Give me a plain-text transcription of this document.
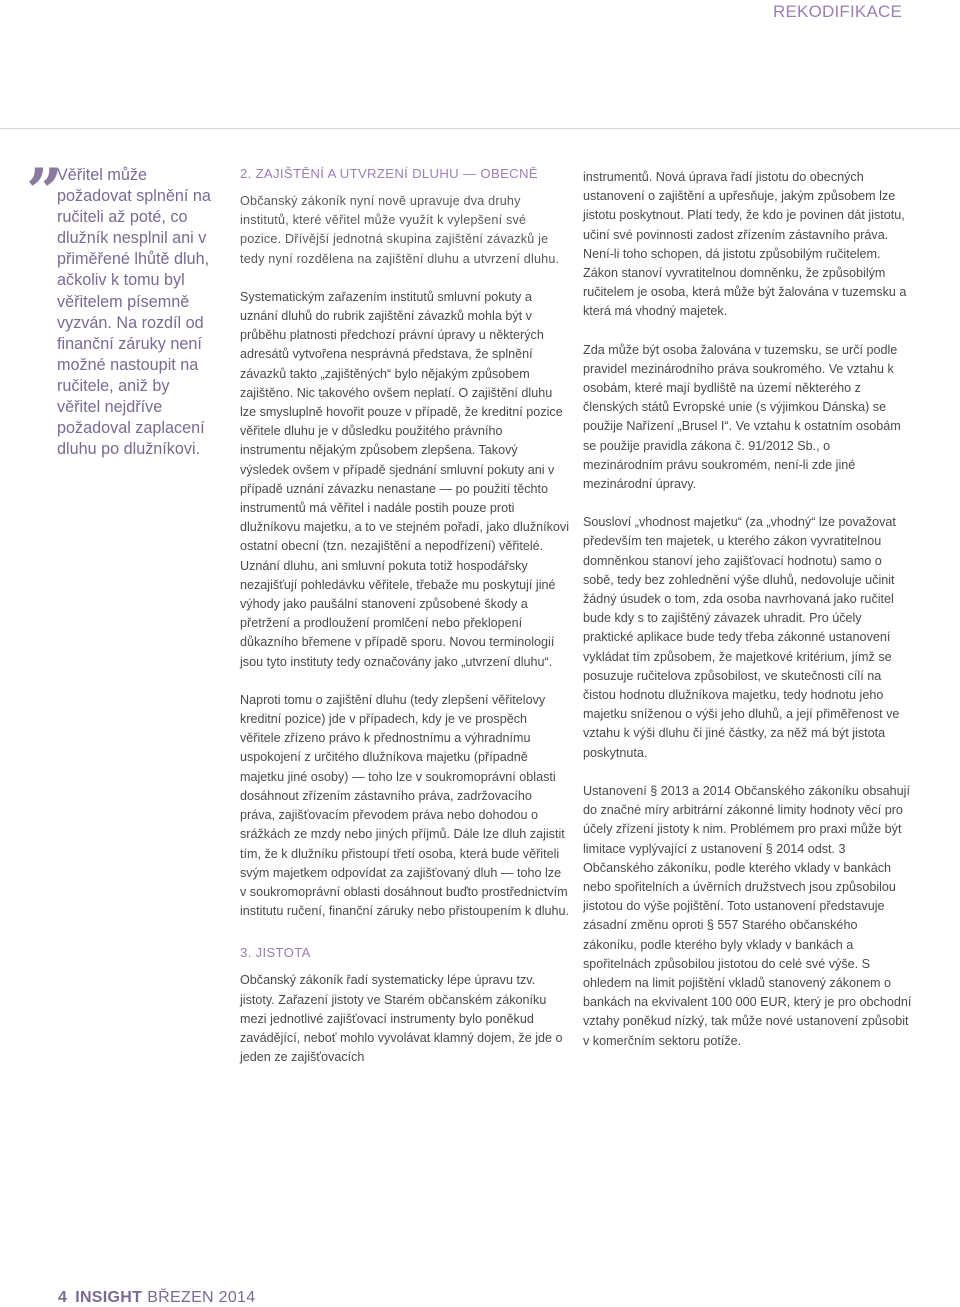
REKODIFIKACE
” Věřitel může požadovat splnění na ručiteli až poté, co dlužník nesplnil ani v přiměřené lhůtě dluh, ačkoliv k tomu byl věřitelem písemně vyzván. Na rozdíl od finanční záruky není možné nastoupit na ručitele, aniž by věřitel nejdříve požadoval zaplacení dluhu po dlužníkovi.

2. ZAJIŠTĚNÍ A UTVRZENÍ DLUHU — OBECNĚ

Občanský zákoník nyní nově upravuje dva druhy institutů, které věřitel může využít k vylepšení své pozice. Dřívější jednotná skupina zajištění závazků je tedy nyní rozdělena na zajištění dluhu a utvrzení dluhu.

Systematickým zařazením institutů smluvní pokuty a uznání dluhů do rubrik zajištění závazků mohla být v průběhu platnosti předchozí právní úpravy u některých adresátů vytvořena nesprávná představa, že splnění závazků takto „zajištěných“ bylo nějakým způsobem zajištěno. Nic takového ovšem neplatí. O zajištění dluhu lze smysluplně hovořit pouze v případě, že kreditní pozice věřitele dluhu je v důsledku použitého právního instrumentu nějakým způsobem zlepšena. Takový výsledek ovšem v případě sjednání smluvní pokuty ani v případě uznání závazku nenastane — po použití těchto instrumentů má věřitel i nadále postih pouze proti dlužníkovu majetku, a to ve stejném pořadí, jako dlužníkovi ostatní obecní (tzn. nezajištění a nepodřízení) věřitelé. Uznání dluhu, ani smluvní pokuta totiž hospodářsky nezajišťují pohledávku věřitele, třebaže mu poskytují jiné výhody jako paušální stanovení způsobené škody a přetržení a prodloužení promlčení nebo překlopení důkazního břemene v případě sporu. Novou terminologií jsou tyto instituty tedy označovány jako „utvrzení dluhu“.

Naproti tomu o zajištění dluhu (tedy zlepšení věřitelovy kreditní pozice) jde v případech, kdy je ve prospěch věřitele zřízeno právo k přednostnímu a výhradnímu uspokojení z určitého dlužníkova majetku (případně majetku jiné osoby) — toho lze v soukromoprávní oblasti dosáhnout zřízením zástavního práva, zadržovacího práva, zajišťovacím převodem práva nebo dohodou o srážkách ze mzdy nebo jiných příjmů. Dále lze dluh zajistit tím, že k dlužníku přistoupí třetí osoba, která bude věřiteli svým majetkem odpovídat za zajišťovaný dluh — toho lze v soukromoprávní oblasti dosáhnout buďto prostřednictvím institutu ručení, finanční záruky nebo přistoupením k dluhu.

3. JISTOTA

Občanský zákoník řadí systematicky lépe úpravu tzv. jistoty. Zařazení jistoty ve Starém občanském zákoníku mezi jednotlivé zajišťovací instrumenty bylo poněkud zavádějící, neboť mohlo vyvolávat klamný dojem, že jde o jeden ze zajišťovacích

instrumentů. Nová úprava řadí jistotu do obecných ustanovení o zajištění a upřesňuje, jakým způsobem lze jistotu poskytnout. Platí tedy, že kdo je povinen dát jistotu, učiní své povinnosti zadost zřízením zástavního práva. Není-li toho schopen, dá jistotu způsobilým ručitelem. Zákon stanoví vyvratitelnou domněnku, že způsobilým ručitelem je osoba, která může být žalována v tuzemsku a která má vhodný majetek.

Zda může být osoba žalována v tuzemsku, se určí podle pravidel mezinárodního práva soukromého. Ve vztahu k osobám, které mají bydliště na území některého z členských států Evropské unie (s výjimkou Dánska) se použije Nařízení „Brusel I“. Ve vztahu k ostatním osobám se použije pravidla zákona č. 91/2012 Sb., o mezinárodním právu soukromém, není-li zde jiné mezinárodní úpravy.

Sousloví „vhodnost majetku“ (za „vhodný“ lze považovat především ten majetek, u kterého zákon vyvratitelnou domněnkou stanoví jeho zajišťovací hodnotu) samo o sobě, tedy bez zohlednění výše dluhů, nedovoluje učinit žádný úsudek o tom, zda osoba navrhovaná jako ručitel bude kdy s to zajištěný závazek uhradit. Pro účely praktické aplikace bude tedy třeba zákonné ustanovení vykládat tím způsobem, že majetkové kritérium, jímž se posuzuje ručitelova způsobilost, ve skutečnosti cílí na čistou hodnotu dlužníkova majetku, tedy hodnotu jeho majetku sníženou o výši jeho dluhů, a její přiměřenost ve vztahu k výši dluhu či jiné částky, za něž má být jistota poskytnuta.

Ustanovení § 2013 a 2014 Občanského zákoníku obsahují do značné míry arbitrární zákonné limity hodnoty věcí pro účely zřízení jistoty k nim. Problémem pro praxi může být limitace vyplývající z ustanovení § 2014 odst. 3 Občanského zákoníku, podle kterého vklady v bankách nebo spořitelních a úvěrních družstvech jsou způsobilou jistotou do výše pojištění. Toto ustanovení představuje zásadní změnu oproti § 557 Starého občanského zákoníku, podle kterého byly vklady v bankách a spořitelnách způsobilou jistotou do celé své výše. S ohledem na limit pojištění vkladů stanovený zákonem o bankách na ekvivalent 100 000 EUR, který je pro obchodní vztahy poněkud nízký, tak může nové ustanovení způsobit v komerčním sektoru potíže.

4 INSIGHT BŘEZEN 2014
